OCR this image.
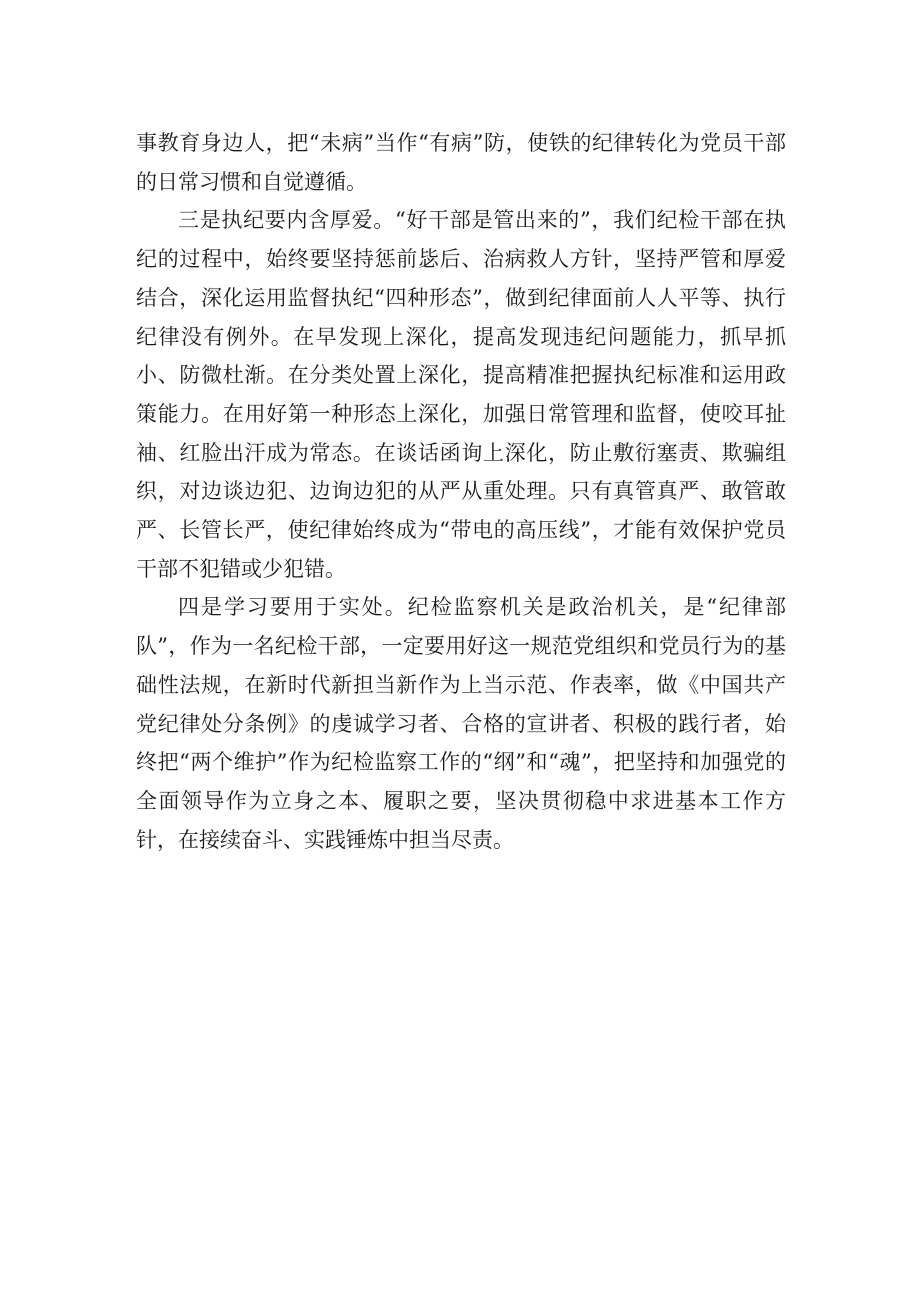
事教育身边人，把“未病”当作“有病”防，使铁的纪律转化为党员干部的日常习惯和自觉遵循。

三是执纪要内含厚爱。“好干部是管出来的”，我们纪检干部在执纪的过程中，始终要坚持惩前毖后、治病救人方针，坚持严管和厚爱结合，深化运用监督执纪“四种形态”，做到纪律面前人人平等、执行纪律没有例外。在早发现上深化，提高发现违纪问题能力，抓早抓小、防微杜渐。在分类处置上深化，提高精准把握执纪标准和运用政策能力。在用好第一种形态上深化，加强日常管理和监督，使咬耳扯袖、红脸出汗成为常态。在谈话函询上深化，防止敷衍塞责、欺骗组织，对边谈边犯、边询边犯的从严从重处理。只有真管真严、敢管敢严、长管长严，使纪律始终成为“带电的高压线”，才能有效保护党员干部不犯错或少犯错。

四是学习要用于实处。纪检监察机关是政治机关，是“纪律部队”，作为一名纪检干部，一定要用好这一规范党组织和党员行为的基础性法规，在新时代新担当新作为上当示范、作表率，做《中国共产党纪律处分条例》的虔诚学习者、合格的宣讲者、积极的践行者，始终把“两个维护”作为纪检监察工作的“纲”和“魂”，把坚持和加强党的全面领导作为立身之本、履职之要，坚决贯彻稳中求进基本工作方针，在接续奋斗、实践锤炼中担当尽责。
